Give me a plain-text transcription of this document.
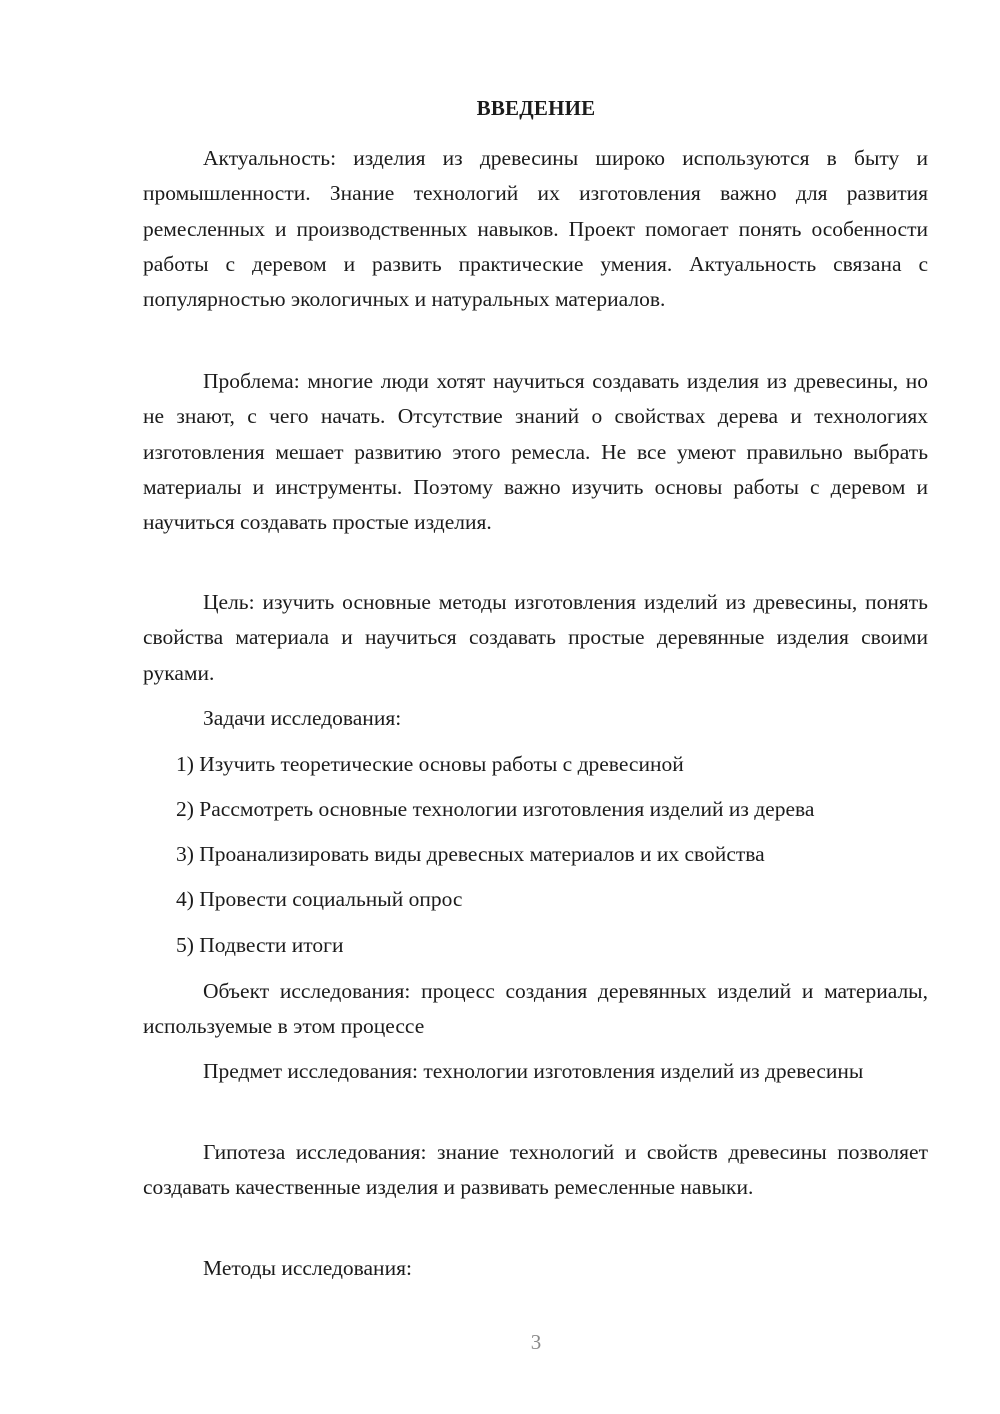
ВВЕДЕНИЕ

Актуальность: изделия из древесины широко используются в быту и промышленности. Знание технологий их изготовления важно для развития ремесленных и производственных навыков. Проект помогает понять особенности работы с деревом и развить практические умения. Актуальность связана с популярностью экологичных и натуральных материалов.

Проблема: многие люди хотят научиться создавать изделия из древесины, но не знают, с чего начать. Отсутствие знаний о свойствах дерева и технологиях изготовления мешает развитию этого ремесла. Не все умеют правильно выбрать материалы и инструменты. Поэтому важно изучить основы работы с деревом и научиться создавать простые изделия.

Цель: изучить основные методы изготовления изделий из древесины, понять свойства материала и научиться создавать простые деревянные изделия своими руками.

Задачи исследования:

1) Изучить теоретические основы работы с древесиной

2) Рассмотреть основные технологии изготовления изделий из дерева

3) Проанализировать виды древесных материалов и их свойства

4) Провести социальный опрос

5) Подвести итоги

Объект исследования: процесс создания деревянных изделий и материалы, используемые в этом процессе

Предмет исследования: технологии изготовления изделий из древесины

Гипотеза исследования: знание технологий и свойств древесины позволяет создавать качественные изделия и развивать ремесленные навыки.

Методы исследования:

3
